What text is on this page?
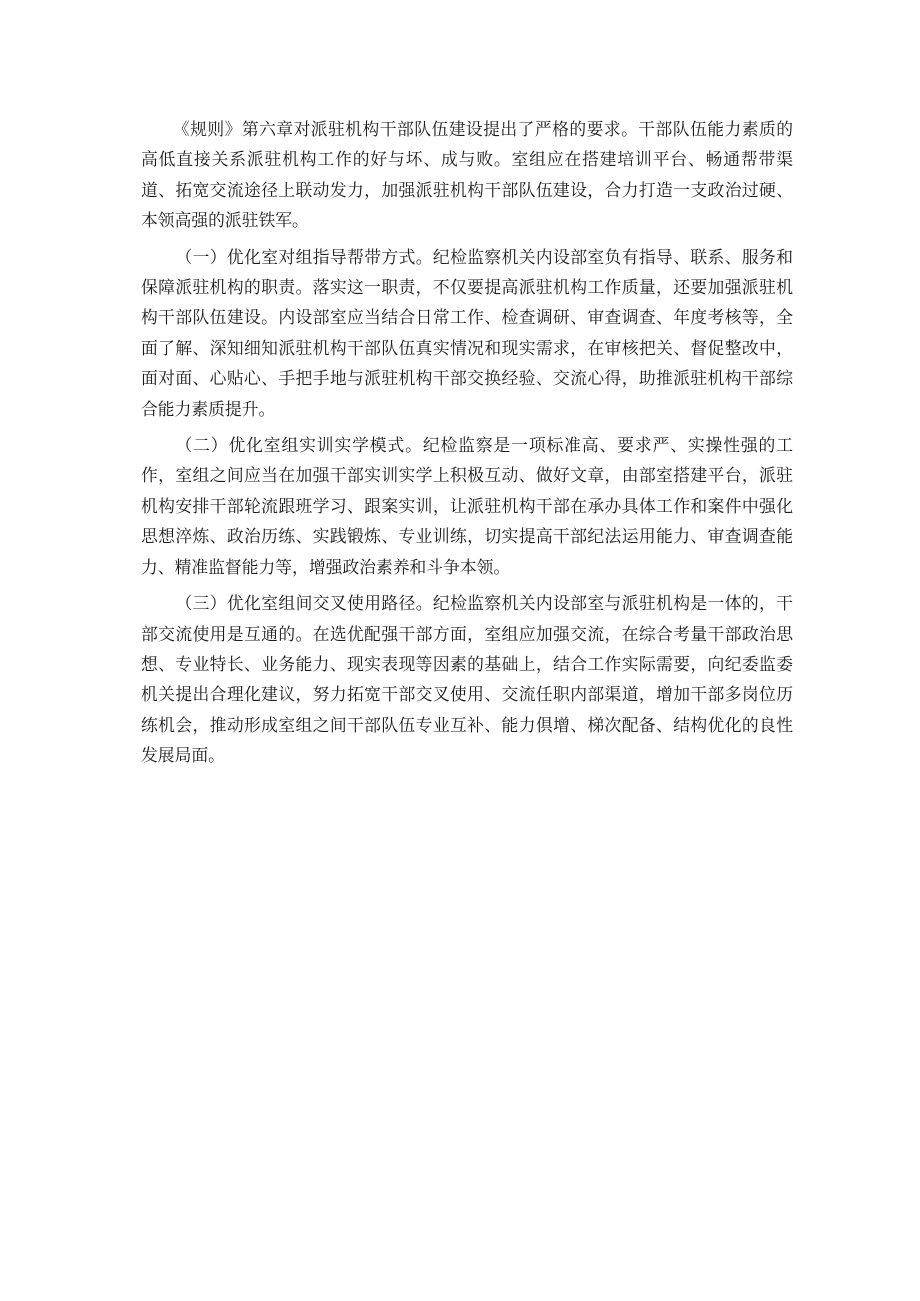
《规则》第六章对派驻机构干部队伍建设提出了严格的要求。干部队伍能力素质的高低直接关系派驻机构工作的好与坏、成与败。室组应在搭建培训平台、畅通帮带渠道、拓宽交流途径上联动发力，加强派驻机构干部队伍建设，合力打造一支政治过硬、本领高强的派驻铁军。

（一）优化室对组指导帮带方式。纪检监察机关内设部室负有指导、联系、服务和保障派驻机构的职责。落实这一职责，不仅要提高派驻机构工作质量，还要加强派驻机构干部队伍建设。内设部室应当结合日常工作、检查调研、审查调查、年度考核等，全面了解、深知细知派驻机构干部队伍真实情况和现实需求，在审核把关、督促整改中，面对面、心贴心、手把手地与派驻机构干部交换经验、交流心得，助推派驻机构干部综合能力素质提升。

（二）优化室组实训实学模式。纪检监察是一项标准高、要求严、实操性强的工作，室组之间应当在加强干部实训实学上积极互动、做好文章，由部室搭建平台，派驻机构安排干部轮流跟班学习、跟案实训，让派驻机构干部在承办具体工作和案件中强化思想淬炼、政治历练、实践锻炼、专业训练，切实提高干部纪法运用能力、审查调查能力、精准监督能力等，增强政治素养和斗争本领。

（三）优化室组间交叉使用路径。纪检监察机关内设部室与派驻机构是一体的，干部交流使用是互通的。在选优配强干部方面，室组应加强交流，在综合考量干部政治思想、专业特长、业务能力、现实表现等因素的基础上，结合工作实际需要，向纪委监委机关提出合理化建议，努力拓宽干部交叉使用、交流任职内部渠道，增加干部多岗位历练机会，推动形成室组之间干部队伍专业互补、能力倶增、梯次配备、结构优化的良性发展局面。
